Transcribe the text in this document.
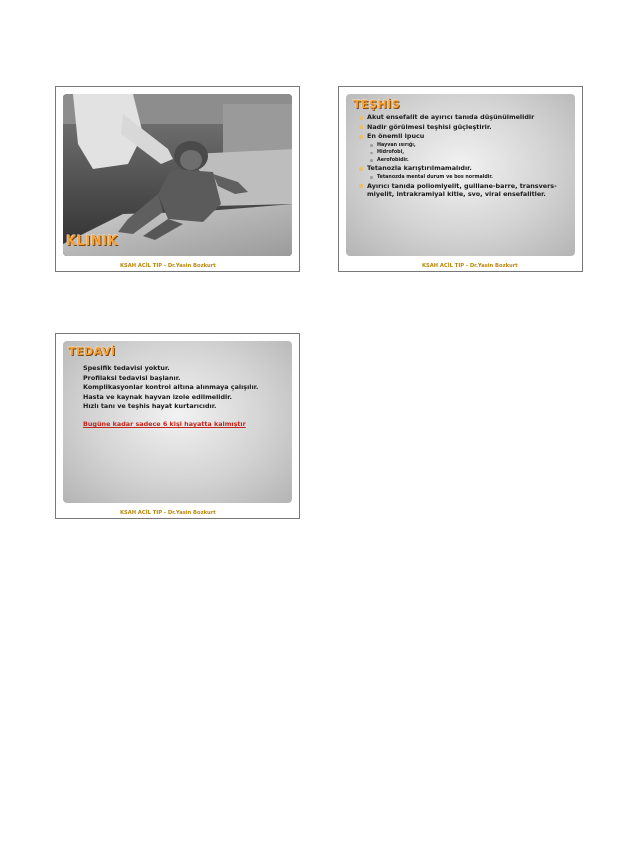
KLINIK
KSAH ACİL TIP - Dr.Yasin Bozkurt
TEŞHİS
Akut ensefalit de ayırıcı tanıda düşünülmelidir
Nadir görülmesi teşhisi güçleştirir.
En önemli ipucu
Hayvan ısırığı,
Hidrofobi,
Aerofobidir.
Tetanozla karıştırılmamalıdır.
Tetanozda mental durum ve bos normaldir.
Ayırıcı tanıda poliomiyelit, guillane-barre, transvers-miyelit, intrakramiyal kitle, svo, viral ensefalitler.
KSAH ACİL TIP - Dr.Yasin Bozkurt
TEDAVİ
Spesifik tedavisi yoktur.
Profilaksi tedavisi başlanır.
Komplikasyonlar kontrol altına alınmaya çalışılır.
Hasta ve kaynak hayvan izole edilmelidir.
Hızlı tanı ve teşhis hayat kurtarıcıdır.
Bugüne kadar sadece 6 kişi hayatta kalmıştır
KSAH ACİL TIP - Dr.Yasin Bozkurt
